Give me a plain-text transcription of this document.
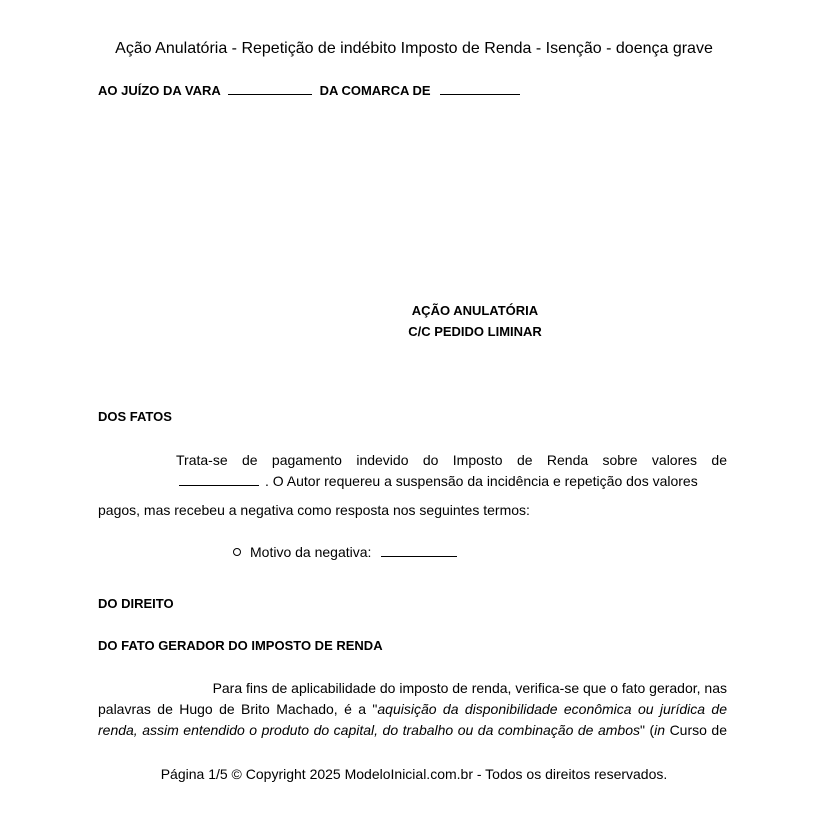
Ação Anulatória - Repetição de indébito Imposto de Renda - Isenção - doença grave
AO JUÍZO DA VARA	DA COMARCA DE
AÇÃO ANULATÓRIA
C/C PEDIDO LIMINAR
DOS FATOS
Trata-se de pagamento indevido do Imposto de Renda sobre valores de
. O Autor requereu a suspensão da incidência e repetição dos valores
pagos, mas recebeu a negativa como resposta nos seguintes termos:
Motivo da negativa:
DO DIREITO
DO FATO GERADOR DO IMPOSTO DE RENDA
Para fins de aplicabilidade do imposto de renda, verifica-se que o fato gerador, nas
palavras de Hugo de Brito Machado, é a "aquisição da disponibilidade econômica ou jurídica de
renda, assim entendido o produto do capital, do trabalho ou da combinação de ambos" (in Curso de
Página 1/5 © Copyright 2025 ModeloInicial.com.br - Todos os direitos reservados.
